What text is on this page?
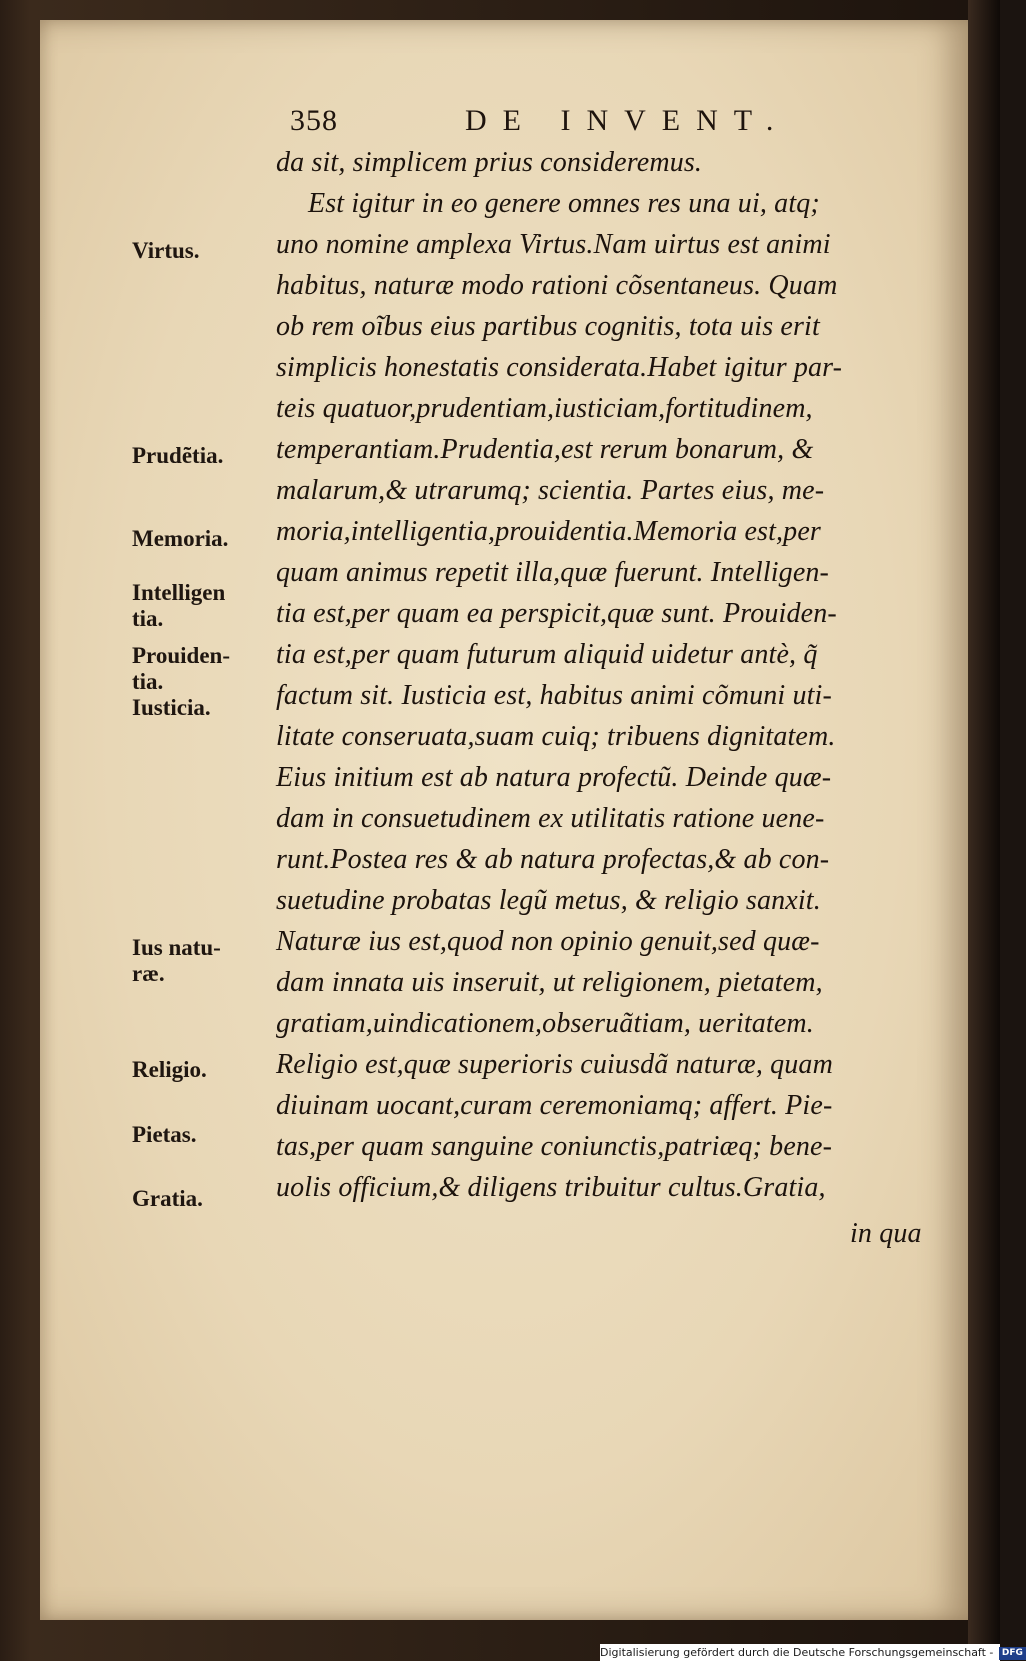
358	DE INVENT.
da sit, simplicem prius consideremus.
Est igitur in eo genere omnes res una ui, atq;
uno nomine amplexa Virtus.Nam uirtus est animi
habitus, naturæ modo rationi cõsentaneus. Quam
ob rem oĩbus eius partibus cognitis, tota uis erit
simplicis honestatis considerata.Habet igitur par-
teis quatuor,prudentiam,iusticiam,fortitudinem,
temperantiam.Prudentia,est rerum bonarum, &
malarum,& utrarumq; scientia. Partes eius, me-
moria,intelligentia,prouidentia.Memoria est,per
quam animus repetit illa,quæ fuerunt. Intelligen-
tia est,per quam ea perspicit,quæ sunt. Prouiden-
tia est,per quam futurum aliquid uidetur antè, q̃
factum sit. Iusticia est, habitus animi cõmuni uti-
litate conseruata,suam cuiq; tribuens dignitatem.
Eius initium est ab natura profectũ. Deinde quæ-
dam in consuetudinem ex utilitatis ratione uene-
runt.Postea res & ab natura profectas,& ab con-
suetudine probatas legũ metus, & religio sanxit.
Naturæ ius est,quod non opinio genuit,sed quæ-
dam innata uis inseruit, ut religionem, pietatem,
gratiam,uindicationem,obseruãtiam, ueritatem.
Religio est,quæ superioris cuiusdã naturæ, quam
diuinam uocant,curam ceremoniamq; affert. Pie-
tas,per quam sanguine coniunctis,patriæq; bene-
uolis officium,& diligens tribuitur cultus.Gratia,
in qua
Virtus.
Prudẽtia.
Memoria.
Intelligen tia.
Prouiden- tia.
Iusticia.
Ius natu- ræ.
Religio.
Pietas.
Gratia.
Digitalisierung gefördert durch die Deutsche Forschungsgemeinschaft - DFG
